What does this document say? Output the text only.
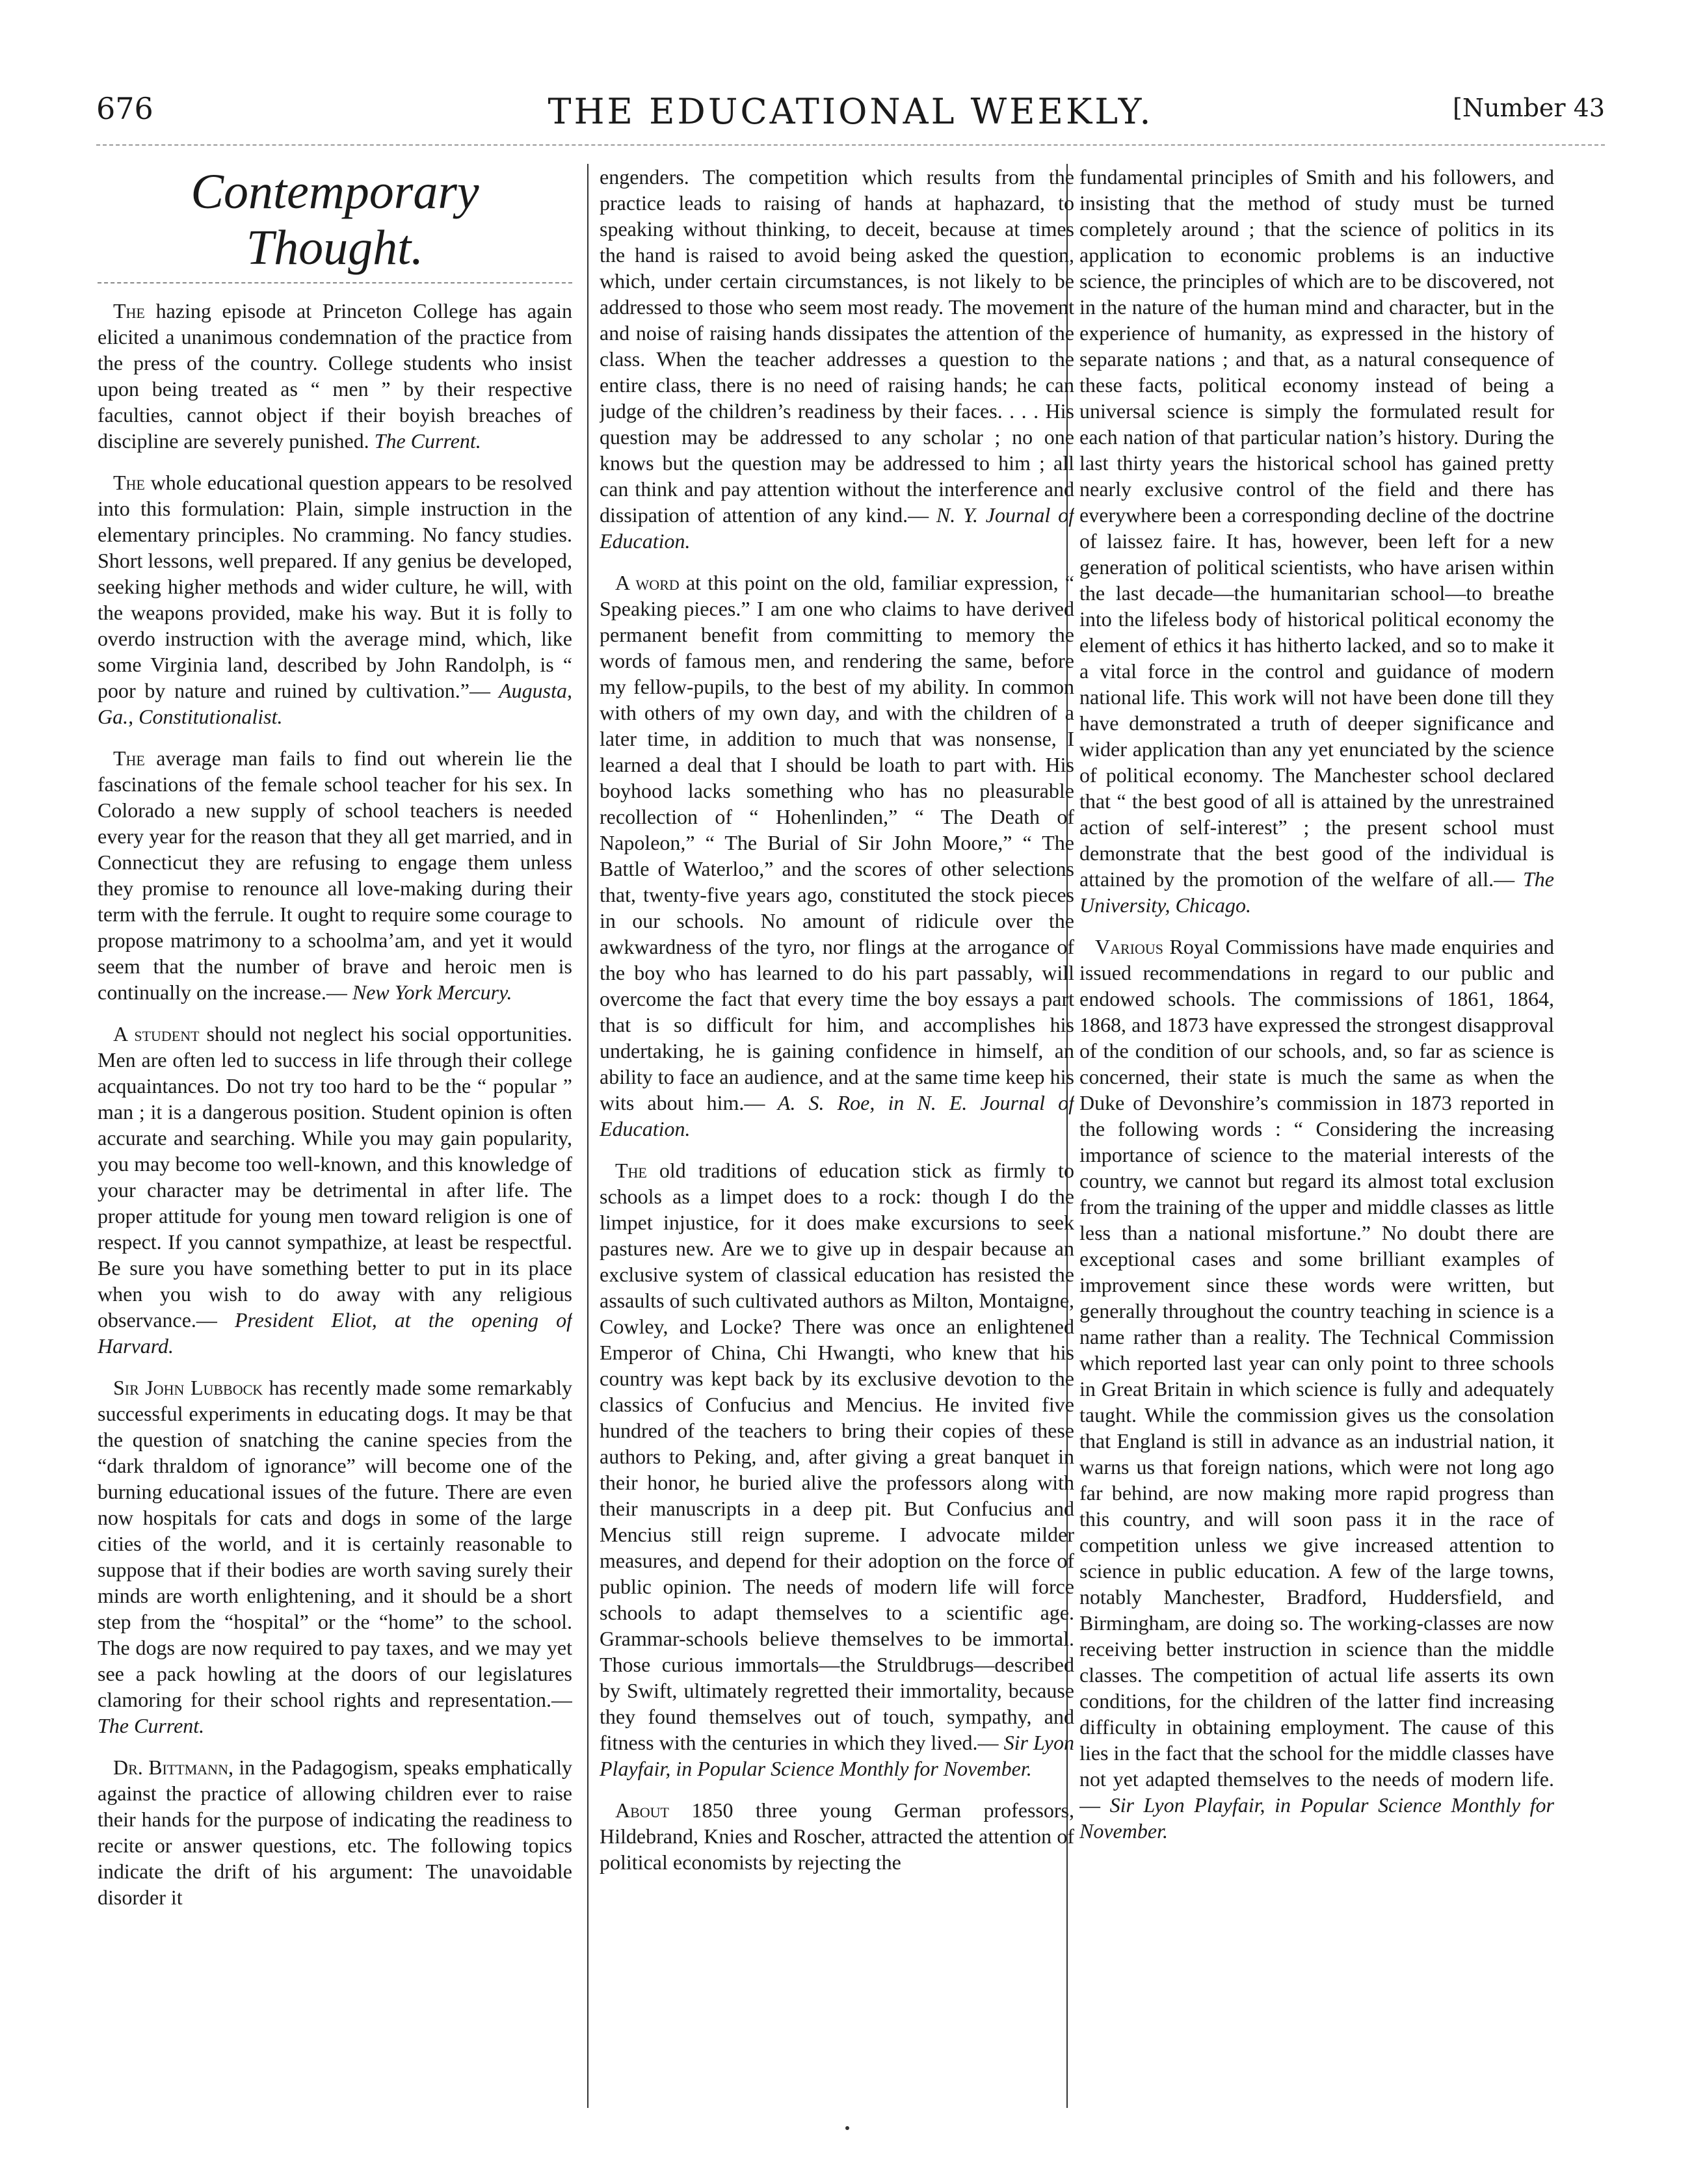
676	THE EDUCATIONAL WEEKLY.	[Number 43
Contemporary Thought.

The hazing episode at Princeton College has again elicited a unanimous condemnation of the practice from the press of the country. College students who insist upon being treated as “ men ” by their respective faculties, cannot object if their boyish breaches of discipline are severely punished. The Current.

The whole educational question appears to be resolved into this formulation: Plain, simple instruction in the elementary principles. No cramming. No fancy studies. Short lessons, well prepared. If any genius be developed, seeking higher methods and wider culture, he will, with the weapons provided, make his way. But it is folly to overdo instruction with the average mind, which, like some Virginia land, described by John Randolph, is “ poor by nature and ruined by cultivation.”— Augusta, Ga., Constitutionalist.

The average man fails to find out wherein lie the fascinations of the female school teacher for his sex. In Colorado a new supply of school teachers is needed every year for the reason that they all get married, and in Connecticut they are refusing to engage them unless they promise to renounce all love-making during their term with the ferrule. It ought to require some courage to propose matrimony to a schoolma’am, and yet it would seem that the number of brave and heroic men is continually on the increase.— New York Mercury.

A student should not neglect his social opportunities. Men are often led to success in life through their college acquaintances. Do not try too hard to be the “ popular ” man ; it is a dangerous position. Student opinion is often accurate and searching. While you may gain popularity, you may become too well-known, and this knowledge of your character may be detrimental in after life. The proper attitude for young men toward religion is one of respect. If you cannot sympathize, at least be respectful. Be sure you have something better to put in its place when you wish to do away with any religious observance.— President Eliot, at the opening of Harvard.

Sir John Lubbock has recently made some remarkably successful experiments in educating dogs. It may be that the question of snatching the canine species from the “dark thraldom of ignorance” will become one of the burning educational issues of the future. There are even now hospitals for cats and dogs in some of the large cities of the world, and it is certainly reasonable to suppose that if their bodies are worth saving surely their minds are worth enlightening, and it should be a short step from the “hospital” or the “home” to the school. The dogs are now required to pay taxes, and we may yet see a pack howling at the doors of our legislatures clamoring for their school rights and representation.— The Current.

Dr. Bittmann, in the Padagogism, speaks emphatically against the practice of allowing children ever to raise their hands for the purpose of indicating the readiness to recite or answer questions, etc. The following topics indicate the drift of his argument: The unavoidable disorder it

engenders. The competition which results from the practice leads to raising of hands at haphazard, to speaking without thinking, to deceit, because at times the hand is raised to avoid being asked the question, which, under certain circumstances, is not likely to be addressed to those who seem most ready. The movement and noise of raising hands dissipates the attention of the class. When the teacher addresses a question to the entire class, there is no need of raising hands; he can judge of the children’s readiness by their faces. . . . His question may be addressed to any scholar ; no one knows but the question may be addressed to him ; all can think and pay attention without the interference and dissipation of attention of any kind.— N. Y. Journal of Education.

A word at this point on the old, familiar expression, “ Speaking pieces.” I am one who claims to have derived permanent benefit from committing to memory the words of famous men, and rendering the same, before my fellow-pupils, to the best of my ability. In common with others of my own day, and with the children of a later time, in addition to much that was nonsense, I learned a deal that I should be loath to part with. His boyhood lacks something who has no pleasurable recollection of “ Hohenlinden,” “ The Death of Napoleon,” “ The Burial of Sir John Moore,” “ The Battle of Waterloo,” and the scores of other selections that, twenty-five years ago, constituted the stock pieces in our schools. No amount of ridicule over the awkwardness of the tyro, nor flings at the arrogance of the boy who has learned to do his part passably, will overcome the fact that every time the boy essays a part that is so difficult for him, and accomplishes his undertaking, he is gaining confidence in himself, an ability to face an audience, and at the same time keep his wits about him.— A. S. Roe, in N. E. Journal of Education.

The old traditions of education stick as firmly to schools as a limpet does to a rock: though I do the limpet injustice, for it does make excursions to seek pastures new. Are we to give up in despair because an exclusive system of classical education has resisted the assaults of such cultivated authors as Milton, Montaigne, Cowley, and Locke? There was once an enlightened Emperor of China, Chi Hwangti, who knew that his country was kept back by its exclusive devotion to the classics of Confucius and Mencius. He invited five hundred of the teachers to bring their copies of these authors to Peking, and, after giving a great banquet in their honor, he buried alive the professors along with their manuscripts in a deep pit. But Confucius and Mencius still reign supreme. I advocate milder measures, and depend for their adoption on the force of public opinion. The needs of modern life will force schools to adapt themselves to a scientific age. Grammar-schools believe themselves to be immortal. Those curious immortals—the Struldbrugs—described by Swift, ultimately regretted their immortality, because they found themselves out of touch, sympathy, and fitness with the centuries in which they lived.— Sir Lyon Playfair, in Popular Science Monthly for November.

About 1850 three young German professors, Hildebrand, Knies and Roscher, attracted the attention of political economists by rejecting the

fundamental principles of Smith and his followers, and insisting that the method of study must be turned completely around ; that the science of politics in its application to economic problems is an inductive science, the principles of which are to be discovered, not in the nature of the human mind and character, but in the experience of humanity, as expressed in the history of separate nations ; and that, as a natural consequence of these facts, political economy instead of being a universal science is simply the formulated result for each nation of that particular nation’s history. During the last thirty years the historical school has gained pretty nearly exclusive control of the field and there has everywhere been a corresponding decline of the doctrine of laissez faire. It has, however, been left for a new generation of political scientists, who have arisen within the last decade—the humanitarian school—to breathe into the lifeless body of historical political economy the element of ethics it has hitherto lacked, and so to make it a vital force in the control and guidance of modern national life. This work will not have been done till they have demonstrated a truth of deeper significance and wider application than any yet enunciated by the science of political economy. The Manchester school declared that “ the best good of all is attained by the unrestrained action of self-interest” ; the present school must demonstrate that the best good of the individual is attained by the promotion of the welfare of all.— The University, Chicago.

Various Royal Commissions have made enquiries and issued recommendations in regard to our public and endowed schools. The commissions of 1861, 1864, 1868, and 1873 have expressed the strongest disapproval of the condition of our schools, and, so far as science is concerned, their state is much the same as when the Duke of Devonshire’s commission in 1873 reported in the following words : “ Considering the increasing importance of science to the material interests of the country, we cannot but regard its almost total exclusion from the training of the upper and middle classes as little less than a national misfortune.” No doubt there are exceptional cases and some brilliant examples of improvement since these words were written, but generally throughout the country teaching in science is a name rather than a reality. The Technical Commission which reported last year can only point to three schools in Great Britain in which science is fully and adequately taught. While the commission gives us the consolation that England is still in advance as an industrial nation, it warns us that foreign nations, which were not long ago far behind, are now making more rapid progress than this country, and will soon pass it in the race of competition unless we give increased attention to science in public education. A few of the large towns, notably Manchester, Bradford, Huddersfield, and Birmingham, are doing so. The working-classes are now receiving better instruction in science than the middle classes. The competition of actual life asserts its own conditions, for the children of the latter find increasing difficulty in obtaining employment. The cause of this lies in the fact that the school for the middle classes have not yet adapted themselves to the needs of modern life.— Sir Lyon Playfair, in Popular Science Monthly for November.
